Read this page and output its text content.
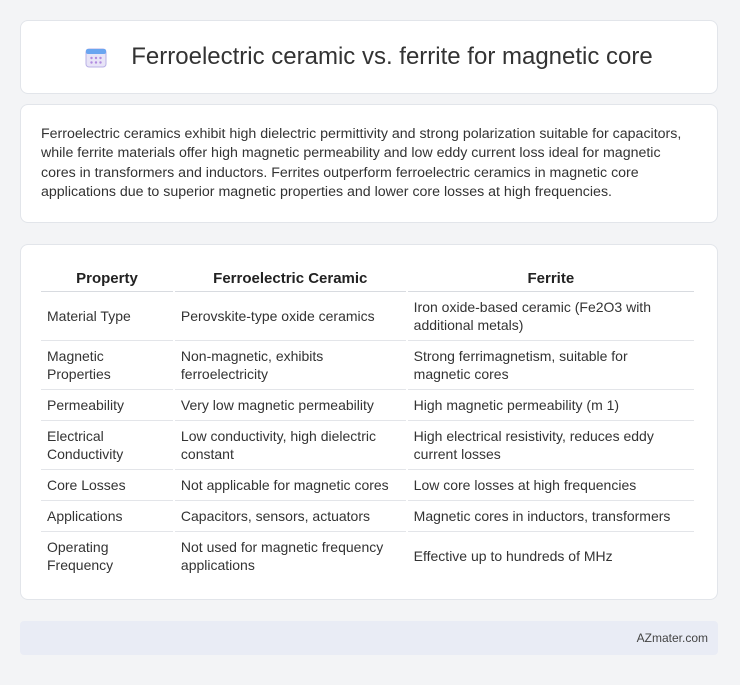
Ferroelectric ceramic vs. ferrite for magnetic core

Ferroelectric ceramics exhibit high dielectric permittivity and strong polarization suitable for capacitors, while ferrite materials offer high magnetic permeability and low eddy current loss ideal for magnetic cores in transformers and inductors. Ferrites outperform ferroelectric ceramics in magnetic core applications due to superior magnetic properties and lower core losses at high frequencies.

Property	Ferroelectric Ceramic	Ferrite
Material Type	Perovskite-type oxide ceramics	Iron oxide-based ceramic (Fe2O3 with additional metals)
Magnetic Properties	Non-magnetic, exhibits ferroelectricity	Strong ferrimagnetism, suitable for magnetic cores
Permeability	Very low magnetic permeability	High magnetic permeability (m 1)
Electrical Conductivity	Low conductivity, high dielectric constant	High electrical resistivity, reduces eddy current losses
Core Losses	Not applicable for magnetic cores	Low core losses at high frequencies
Applications	Capacitors, sensors, actuators	Magnetic cores in inductors, transformers
Operating Frequency	Not used for magnetic frequency applications	Effective up to hundreds of MHz
AZmater.com
